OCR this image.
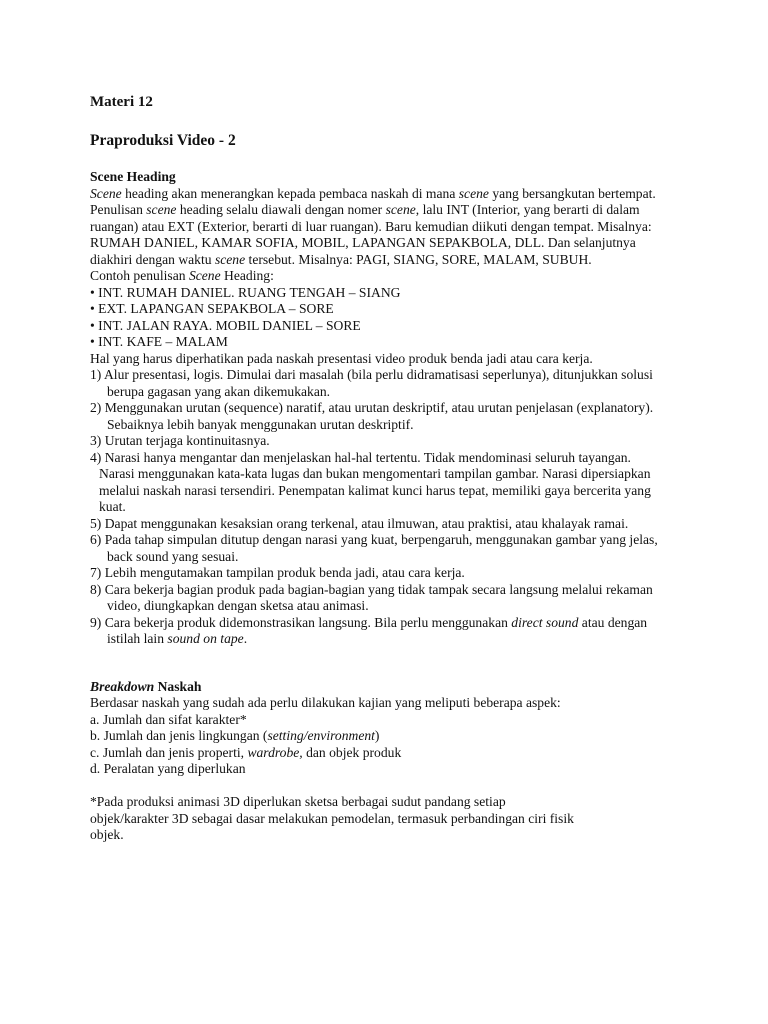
Materi 12

Praproduksi Video - 2

Scene Heading

Scene heading akan menerangkan kepada pembaca naskah di mana scene yang bersangkutan bertempat.

Penulisan scene heading selalu diawali dengan nomer scene, lalu INT (Interior, yang berarti di dalam

ruangan) atau EXT (Exterior, berarti di luar ruangan). Baru kemudian diikuti dengan tempat. Misalnya:

RUMAH DANIEL, KAMAR SOFIA, MOBIL, LAPANGAN SEPAKBOLA, DLL. Dan selanjutnya

diakhiri dengan waktu scene tersebut. Misalnya: PAGI, SIANG, SORE, MALAM, SUBUH.

Contoh penulisan Scene Heading:

• INT. RUMAH DANIEL. RUANG TENGAH – SIANG

• EXT. LAPANGAN SEPAKBOLA – SORE

• INT. JALAN RAYA. MOBIL DANIEL – SORE

• INT. KAFE – MALAM

Hal yang harus diperhatikan pada naskah presentasi video produk benda jadi atau cara kerja.

1) Alur presentasi, logis. Dimulai dari masalah (bila perlu didramatisasi seperlunya), ditunjukkan solusi

berupa gagasan yang akan dikemukakan.

2) Menggunakan urutan (sequence) naratif, atau urutan deskriptif, atau urutan penjelasan (explanatory).

Sebaiknya lebih banyak menggunakan urutan deskriptif.

3) Urutan terjaga kontinuitasnya.

4) Narasi hanya mengantar dan menjelaskan hal-hal tertentu. Tidak mendominasi seluruh tayangan.

Narasi menggunakan kata-kata lugas dan bukan mengomentari tampilan gambar. Narasi dipersiapkan

melalui naskah narasi tersendiri. Penempatan kalimat kunci harus tepat, memiliki gaya bercerita yang

kuat.

5) Dapat menggunakan kesaksian orang terkenal, atau ilmuwan, atau praktisi, atau khalayak ramai.

6) Pada tahap simpulan ditutup dengan narasi yang kuat, berpengaruh, menggunakan gambar yang jelas,

back sound yang sesuai.

7) Lebih mengutamakan tampilan produk benda jadi, atau cara kerja.

8) Cara bekerja bagian produk pada bagian-bagian yang tidak tampak secara langsung melalui rekaman

video, diungkapkan dengan sketsa atau animasi.

9) Cara bekerja produk didemonstrasikan langsung. Bila perlu menggunakan direct sound atau dengan

istilah lain sound on tape.

Breakdown Naskah

Berdasar naskah yang sudah ada perlu dilakukan kajian yang meliputi beberapa aspek:

a. Jumlah dan sifat karakter*

b. Jumlah dan jenis lingkungan (setting/environment)

c. Jumlah dan jenis properti, wardrobe, dan objek produk

d. Peralatan yang diperlukan

*Pada produksi animasi 3D diperlukan sketsa berbagai sudut pandang setiap

objek/karakter 3D sebagai dasar melakukan pemodelan, termasuk perbandingan ciri fisik

objek.
